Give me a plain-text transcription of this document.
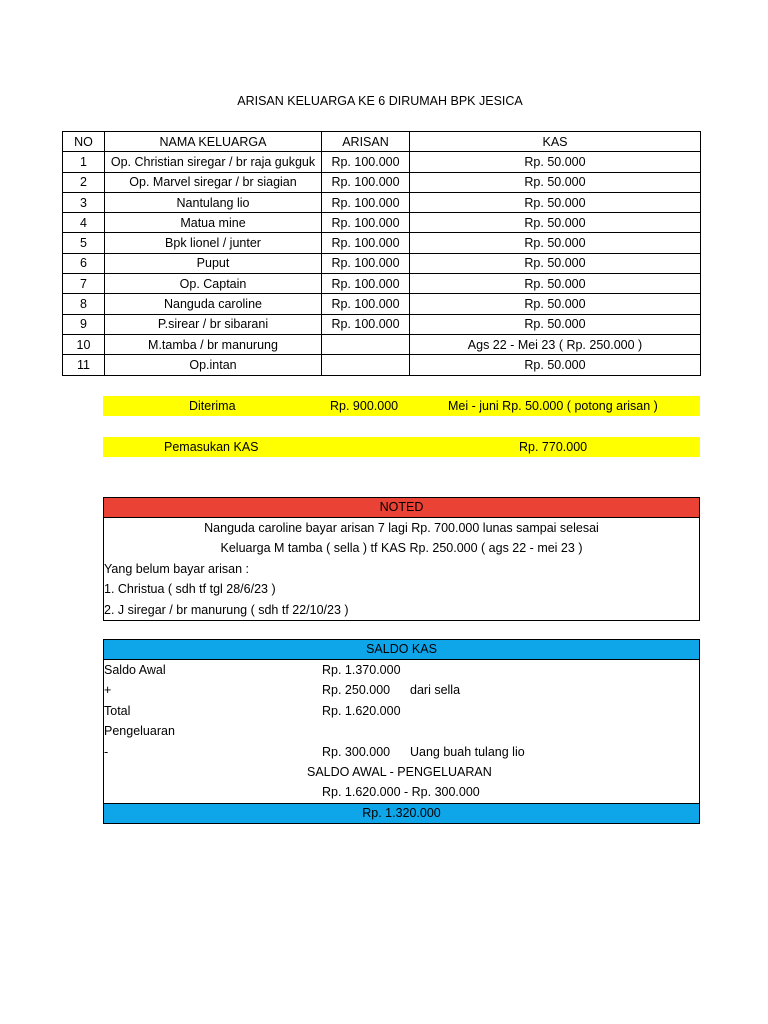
ARISAN KELUARGA KE 6 DIRUMAH BPK JESICA
NO	NAMA KELUARGA	ARISAN	KAS
1	Op. Christian siregar / br raja gukguk	Rp. 100.000	Rp. 50.000
2	Op. Marvel siregar / br siagian	Rp. 100.000	Rp. 50.000
3	Nantulang lio	Rp. 100.000	Rp. 50.000
4	Matua mine	Rp. 100.000	Rp. 50.000
5	Bpk lionel / junter	Rp. 100.000	Rp. 50.000
6	Puput	Rp. 100.000	Rp. 50.000
7	Op. Captain	Rp. 100.000	Rp. 50.000
8	Nanguda caroline	Rp. 100.000	Rp. 50.000
9	P.sirear / br sibarani	Rp. 100.000	Rp. 50.000
10	M.tamba / br manurung		Ags 22 - Mei 23 ( Rp. 250.000 )
11	Op.intan		Rp. 50.000
Diterima	Rp. 900.000	Mei - juni Rp. 50.000 ( potong arisan )
Pemasukan KAS	Rp. 770.000
NOTED
Nanguda caroline bayar arisan 7 lagi Rp. 700.000 lunas sampai selesai
Keluarga M tamba ( sella ) tf KAS Rp. 250.000 ( ags 22 - mei 23 )
Yang belum bayar arisan :
1. Christua ( sdh tf tgl 28/6/23 )
2. J siregar / br manurung ( sdh tf 22/10/23 )
SALDO KAS
Saldo Awal	Rp. 1.370.000
+	Rp. 250.000 dari sella
Total	Rp. 1.620.000
Pengeluaran
-	Rp. 300.000 Uang buah tulang lio
SALDO AWAL - PENGELUARAN
Rp. 1.620.000 - Rp. 300.000
Rp. 1.320.000
